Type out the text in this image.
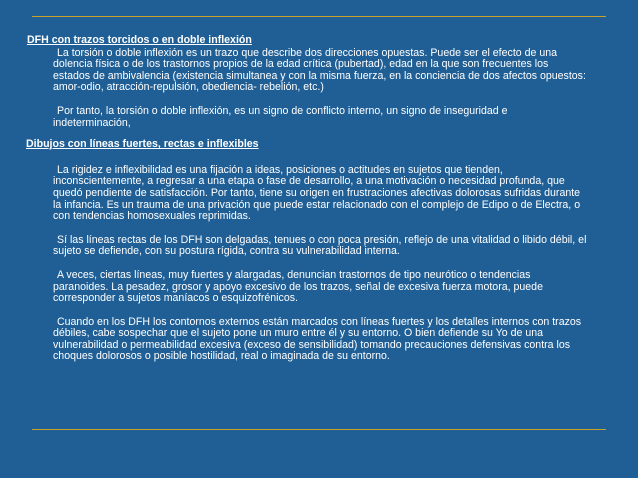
DFH con trazos torcidos o en doble inflexión

La torsión o doble inflexión es un trazo que describe dos direcciones opuestas. Puede ser el efecto de una dolencia física o de los trastornos propios de la edad crítica (pubertad), edad en la que son frecuentes los estados de ambivalencia (existencia simultanea y con la misma fuerza, en la conciencia de dos afectos opuestos: amor-odio, atracción-repulsión, obediencia- rebelión, etc.)

Por tanto, la torsión o doble inflexión, es un signo de conflicto interno, un signo de inseguridad e indeterminación,

Dibujos con líneas fuertes, rectas e inflexibles

La rigidez e inflexibilidad es una fijación a ideas, posiciones o actitudes en sujetos que tienden, inconscientemente, a regresar a una etapa o fase de desarrollo, a una motivación o necesidad profunda, que quedó pendiente de satisfacción. Por tanto, tiene su origen en frustraciones afectivas dolorosas sufridas durante la infancia. Es un trauma de una privación que puede estar relacionado con el complejo de Edipo o de Electra, o con tendencias homosexuales reprimidas.

Sí las líneas rectas de los DFH son delgadas, tenues o con poca presión, reflejo de una vitalidad o libido débil, el sujeto se defiende, con su postura rígida, contra su vulnerabilidad interna.

A veces, ciertas líneas, muy fuertes y alargadas, denuncian trastornos de tipo neurótico o tendencias paranoides. La pesadez, grosor y apoyo excesivo de los trazos, señal de excesiva fuerza motora, puede corresponder a sujetos maníacos o esquizofrénicos.

Cuando en los DFH los contornos externos están marcados con líneas fuertes y los detalles internos con trazos débiles, cabe sospechar que el sujeto pone un muro entre él y su entorno. O bien defiende su Yo de una vulnerabilidad o permeabilidad excesiva (exceso de sensibilidad) tomando precauciones defensivas contra los choques dolorosos o posible hostilidad, real o imaginada de su entorno.
